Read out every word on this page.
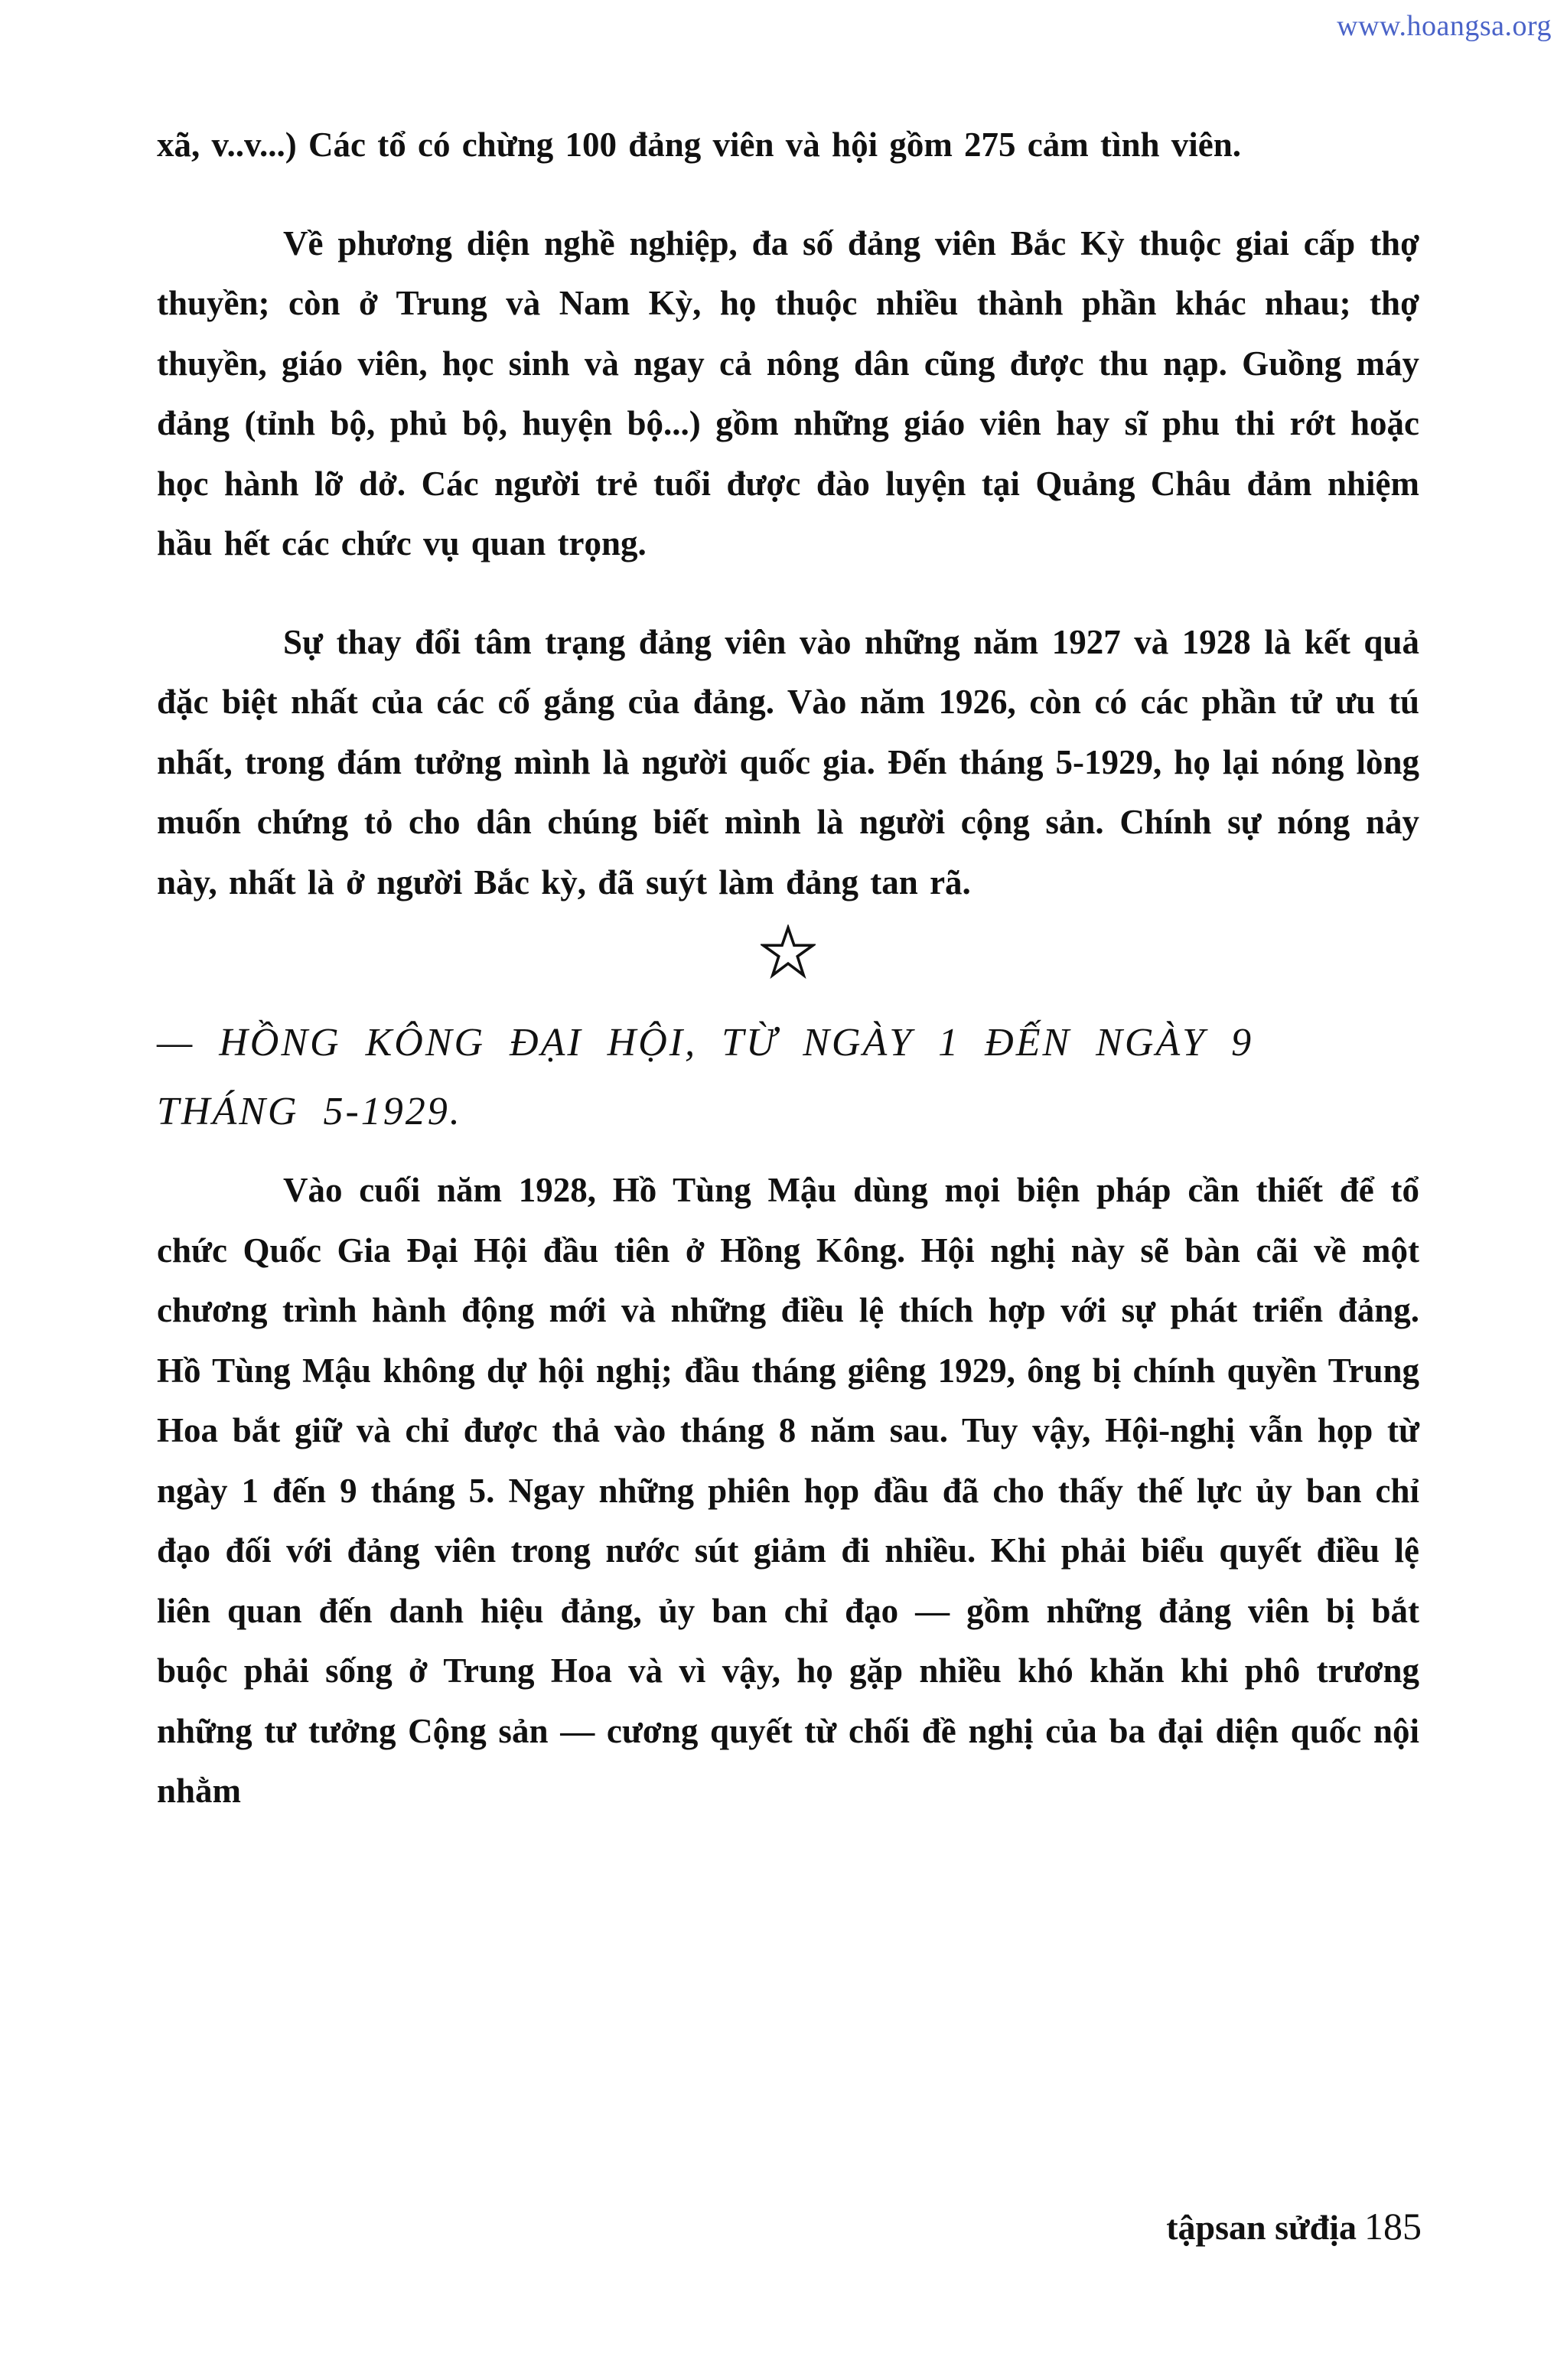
www.hoangsa.org

xã, v..v...) Các tổ có chừng 100 đảng viên và hội gồm 275 cảm tình viên.

Về phương diện nghề nghiệp, đa số đảng viên Bắc Kỳ thuộc giai cấp thợ thuyền; còn ở Trung và Nam Kỳ, họ thuộc nhiều thành phần khác nhau; thợ thuyền, giáo viên, học sinh và ngay cả nông dân cũng được thu nạp. Guồng máy đảng (tỉnh bộ, phủ bộ, huyện bộ...) gồm những giáo viên hay sĩ phu thi rớt hoặc học hành lỡ dở. Các người trẻ tuổi được đào luyện tại Quảng Châu đảm nhiệm hầu hết các chức vụ quan trọng.

Sự thay đổi tâm trạng đảng viên vào những năm 1927 và 1928 là kết quả đặc biệt nhất của các cố gắng của đảng. Vào năm 1926, còn có các phần tử ưu tú nhất, trong đám tưởng mình là người quốc gia. Đến tháng 5-1929, họ lại nóng lòng muốn chứng tỏ cho dân chúng biết mình là người cộng sản. Chính sự nóng nảy này, nhất là ở người Bắc kỳ, đã suýt làm đảng tan rã.

— HỒNG KÔNG ĐẠI HỘI, TỪ NGÀY 1 ĐẾN NGÀY 9 THÁNG 5-1929.

Vào cuối năm 1928, Hồ Tùng Mậu dùng mọi biện pháp cần thiết để tổ chức Quốc Gia Đại Hội đầu tiên ở Hồng Kông. Hội nghị này sẽ bàn cãi về một chương trình hành động mới và những điều lệ thích hợp với sự phát triển đảng. Hồ Tùng Mậu không dự hội nghị; đầu tháng giêng 1929, ông bị chính quyền Trung Hoa bắt giữ và chỉ được thả vào tháng 8 năm sau. Tuy vậy, Hội-nghị vẫn họp từ ngày 1 đến 9 tháng 5. Ngay những phiên họp đầu đã cho thấy thế lực ủy ban chỉ đạo đối với đảng viên trong nước sút giảm đi nhiều. Khi phải biểu quyết điều lệ liên quan đến danh hiệu đảng, ủy ban chỉ đạo — gồm những đảng viên bị bắt buộc phải sống ở Trung Hoa và vì vậy, họ gặp nhiều khó khăn khi phô trương những tư tưởng Cộng sản — cương quyết từ chối đề nghị của ba đại diện quốc nội nhằm

tậpsan sửđịa 185
